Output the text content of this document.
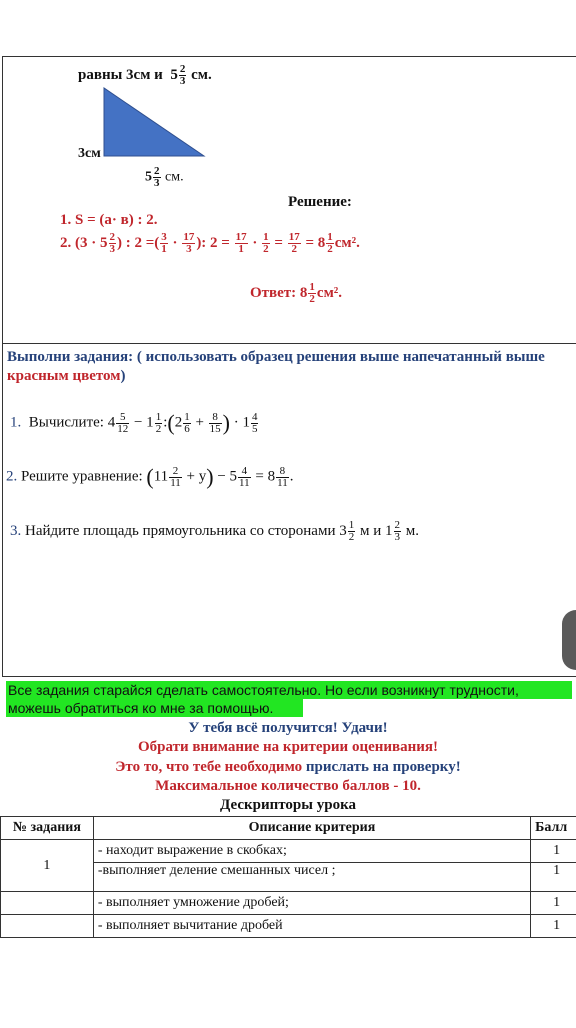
равны 3см и $5 \frac{2}{3}$ см.
3см
$5 \frac{2}{3}$ см.
Решение:
1. S = (а· в) : 2.
2. ($3 \cdot 5 \frac{2}{3}$ ) : 2 =( $\frac{3}{1} \cdot \frac{17}{3}$ ): $2 = \frac{17}{1} \cdot \frac{1}{2} = \frac{17}{2} = 8 \frac{1}{2} см^2$.
Ответ: $8 \frac{1}{2} см^2$.
Выполни задания: ( использовать образец решения выше напечатанный выше красным цветом)
1. Вычислите: $4 \frac{5}{12} - 1 \frac{1}{2}$ :(2 $\frac{1}{6} + \frac{8}{15}$ ) · $1 \frac{4}{5}$
2. Решите уравнение: $(11 \frac{2}{11} + y) - 5 \frac{4}{11} = 8 \frac{8}{11}$ .
3. Найдите площадь прямоугольника со сторонами $3 \frac{1}{2}$ м и $1 \frac{2}{3} м$.
Все задания старайся сделать самостоятельно. Но если возникнут трудности,
можешь обратиться ко мне за помощью.
У тебя всё получится! Удачи!
Обрати внимание на критерии оценивания!
Это то, что тебе необходимо прислать на проверку!
Максимальное количество баллов - 10.
Дескрипторы урока
№ задания	Описание критерия	Балл
1	- находит выражение в скобках;	1
	-выполняет деление смешанных чисел ;	1
	- выполняет умножение дробей;	1
	- выполняет вычитание дробей	1
